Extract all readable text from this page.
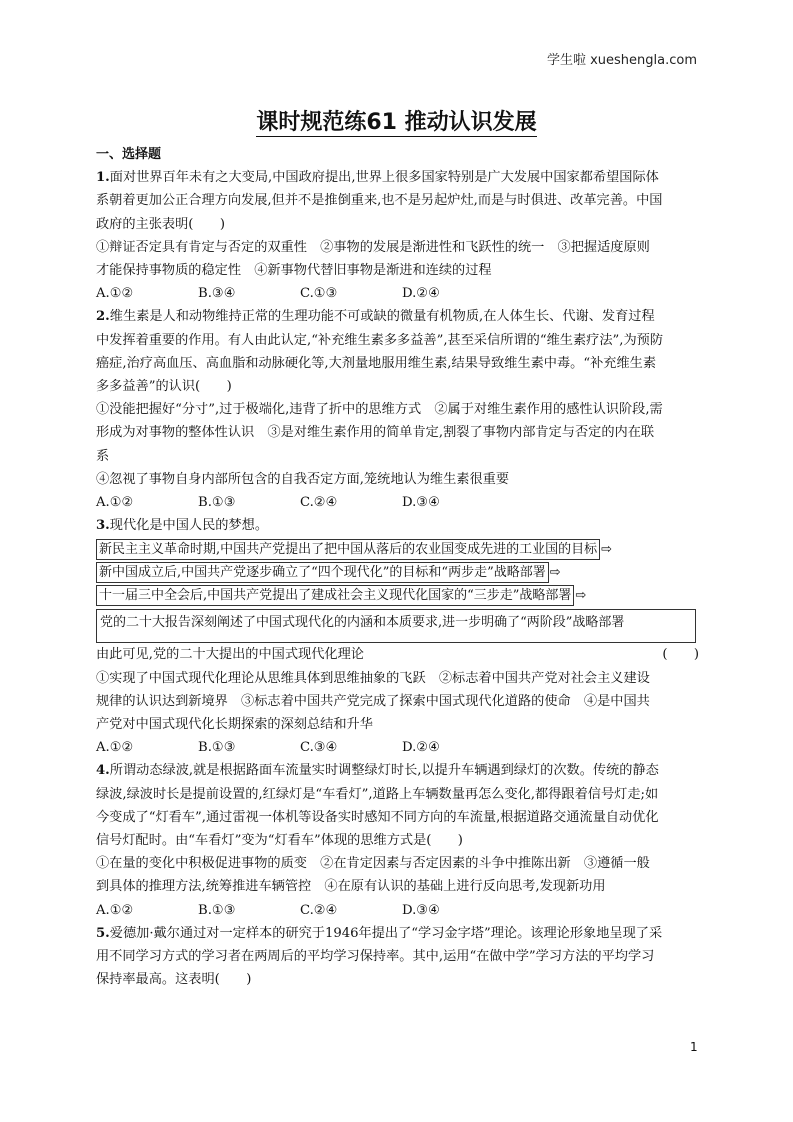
学生啦 xueshengla.com
课时规范练61 推动认识发展
一、选择题

1.面对世界百年未有之大变局,中国政府提出,世界上很多国家特别是广大发展中国家都希望国际体

系朝着更加公正合理方向发展,但并不是推倒重来,也不是另起炉灶,而是与时俱进、改革完善。中国

政府的主张表明(　　)

①辩证否定具有肯定与否定的双重性　②事物的发展是渐进性和飞跃性的统一　③把握适度原则

才能保持事物质的稳定性　④新事物代替旧事物是渐进和连续的过程

A.①②	B.③④	C.①③	D.②④

2.维生素是人和动物维持正常的生理功能不可或缺的微量有机物质,在人体生长、代谢、发育过程

中发挥着重要的作用。有人由此认定,“补充维生素多多益善”,甚至采信所谓的“维生素疗法”,为预防

癌症,治疗高血压、高血脂和动脉硬化等,大剂量地服用维生素,结果导致维生素中毒。“补充维生素

多多益善”的认识(　　)

①没能把握好“分寸”,过于极端化,违背了折中的思维方式　②属于对维生素作用的感性认识阶段,需

形成为对事物的整体性认识　③是对维生素作用的简单肯定,割裂了事物内部肯定与否定的内在联

系

④忽视了事物自身内部所包含的自我否定方面,笼统地认为维生素很重要

A.①②	B.①③	C.②④	D.③④

3.现代化是中国人民的梦想。

新民主主义革命时期,中国共产党提出了把中国从落后的农业国变成先进的工业国的目标 ⇨
新中国成立后,中国共产党逐步确立了“四个现代化”的目标和“两步走”战略部署 ⇨
十一届三中全会后,中国共产党提出了建成社会主义现代化国家的“三步走”战略部署 ⇨
党的二十大报告深刻阐述了中国式现代化的内涵和本质要求,进一步明确了“两阶段”战略部署

由此可见,党的二十大提出的中国式现代化理论	(　　)

①实现了中国式现代化理论从思维具体到思维抽象的飞跃　②标志着中国共产党对社会主义建设

规律的认识达到新境界　③标志着中国共产党完成了探索中国式现代化道路的使命　④是中国共

产党对中国式现代化长期探索的深刻总结和升华

A.①②	B.①③	C.③④	D.②④

4.所谓动态绿波,就是根据路面车流量实时调整绿灯时长,以提升车辆遇到绿灯的次数。传统的静态

绿波,绿波时长是提前设置的,红绿灯是“车看灯”,道路上车辆数量再怎么变化,都得跟着信号灯走;如

今变成了“灯看车”,通过雷视一体机等设备实时感知不同方向的车流量,根据道路交通流量自动优化

信号灯配时。由“车看灯”变为“灯看车”体现的思维方式是(　　)

①在量的变化中积极促进事物的质变　②在肯定因素与否定因素的斗争中推陈出新　③遵循一般

到具体的推理方法,统筹推进车辆管控　④在原有认识的基础上进行反向思考,发现新功用

A.①②	B.①③	C.②④	D.③④

5.爱德加·戴尔通过对一定样本的研究于1946年提出了“学习金字塔”理论。该理论形象地呈现了采

用不同学习方式的学习者在两周后的平均学习保持率。其中,运用“在做中学”学习方法的平均学习

保持率最高。这表明(　　)

1
